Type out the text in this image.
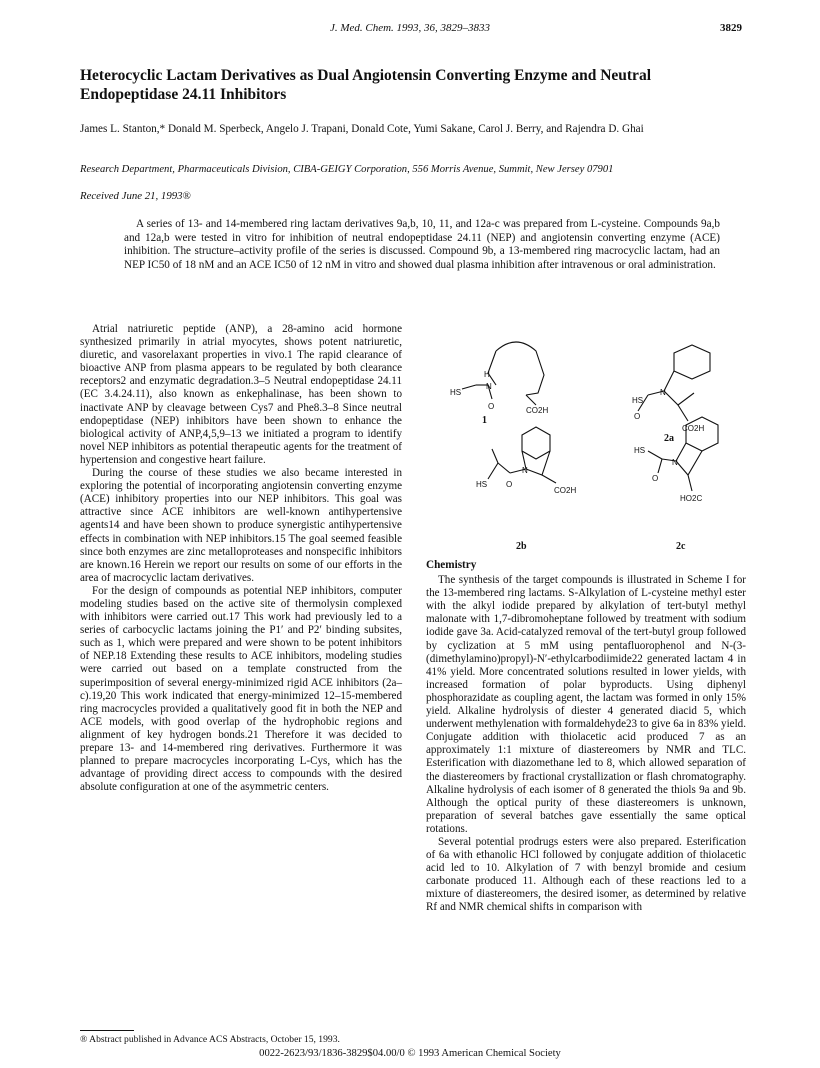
J. Med. Chem. 1993, 36, 3829–3833	3829
Heterocyclic Lactam Derivatives as Dual Angiotensin Converting Enzyme and Neutral Endopeptidase 24.11 Inhibitors
James L. Stanton,* Donald M. Sperbeck, Angelo J. Trapani, Donald Cote, Yumi Sakane, Carol J. Berry, and Rajendra D. Ghai
Research Department, Pharmaceuticals Division, CIBA-GEIGY Corporation, 556 Morris Avenue, Summit, New Jersey 07901
Received June 21, 1993®
A series of 13- and 14-membered ring lactam derivatives 9a,b, 10, 11, and 12a-c was prepared from L-cysteine. Compounds 9a,b and 12a,b were tested in vitro for inhibition of neutral endopeptidase 24.11 (NEP) and angiotensin converting enzyme (ACE) inhibition. The structure–activity profile of the series is discussed. Compound 9b, a 13-membered ring macrocyclic lactam, had an NEP IC50 of 18 nM and an ACE IC50 of 12 nM in vitro and showed dual plasma inhibition after intravenous or oral administration.

Atrial natriuretic peptide (ANP), a 28-amino acid hormone synthesized primarily in atrial myocytes, shows potent natriuretic, diuretic, and vasorelaxant properties in vivo.1 The rapid clearance of bioactive ANP from plasma appears to be regulated by both clearance receptors2 and enzymatic degradation.3–5 Neutral endopeptidase 24.11 (EC 3.4.24.11), also known as enkephalinase, has been shown to inactivate ANP by cleavage between Cys7 and Phe8.3–8 Since neutral endopeptidase (NEP) inhibitors have been shown to enhance the biological activity of ANP,4,5,9–13 we initiated a program to identify novel NEP inhibitors as potential therapeutic agents for the treatment of hypertension and congestive heart failure.

During the course of these studies we also became interested in exploring the potential of incorporating angiotensin converting enzyme (ACE) inhibitory properties into our NEP inhibitors. This goal was attractive since ACE inhibitors are well-known antihypertensive agents14 and have been shown to produce synergistic antihypertensive effects in combination with NEP inhibitors.15 The goal seemed feasible since both enzymes are zinc metalloproteases and nonspecific inhibitors are known.16 Herein we report our results on some of our efforts in the area of macrocyclic lactam derivatives.

For the design of compounds as potential NEP inhibitors, computer modeling studies based on the active site of thermolysin complexed with inhibitors were carried out.17 This work had previously led to a series of carbocyclic lactams joining the P1′ and P2′ binding subsites, such as 1, which were prepared and were shown to be potent inhibitors of NEP.18 Extending these results to ACE inhibitors, modeling studies were carried out based on a template constructed from the superimposition of several energy-minimized rigid ACE inhibitors (2a–c).19,20 This work indicated that energy-minimized 12–15-membered ring macrocycles provided a qualitatively good fit in both the NEP and ACE models, with good overlap of the hydrophobic regions and alignment of key hydrogen bonds.21 Therefore it was decided to prepare 13- and 14-membered ring derivatives. Furthermore it was planned to prepare macrocycles incorporating L-Cys, which has the advantage of providing direct access to compounds with the desired absolute configuration at one of the asymmetric centers.

HS
H
N
O	CO2H
HS
N
O
CO2H
HS
N
O
CO2H
HS
N
O
HO2C
1
2a
2b	2c
Chemistry

The synthesis of the target compounds is illustrated in Scheme I for the 13-membered ring lactams. S-Alkylation of L-cysteine methyl ester with the alkyl iodide prepared by alkylation of tert-butyl methyl malonate with 1,7-dibromoheptane followed by treatment with sodium iodide gave 3a. Acid-catalyzed removal of the tert-butyl group followed by cyclization at 5 mM using pentafluorophenol and N-(3-(dimethylamino)propyl)-N′-ethylcarbodiimide22 generated lactam 4 in 41% yield. More concentrated solutions resulted in lower yields, with increased formation of polar byproducts. Using diphenyl phosphorazidate as coupling agent, the lactam was formed in only 15% yield. Alkaline hydrolysis of diester 4 generated diacid 5, which underwent methylenation with formaldehyde23 to give 6a in 83% yield. Conjugate addition with thiolacetic acid produced 7 as an approximately 1:1 mixture of diastereomers by NMR and TLC. Esterification with diazomethane led to 8, which allowed separation of the diastereomers by fractional crystallization or flash chromatography. Alkaline hydrolysis of each isomer of 8 generated the thiols 9a and 9b. Although the optical purity of these diastereomers is unknown, preparation of several batches gave essentially the same optical rotations.

Several potential prodrugs esters were also prepared. Esterification of 6a with ethanolic HCl followed by conjugate addition of thiolacetic acid led to 10. Alkylation of 7 with benzyl bromide and cesium carbonate produced 11. Although each of these reactions led to a mixture of diastereomers, the desired isomer, as determined by relative Rf and NMR chemical shifts in comparison with

® Abstract published in Advance ACS Abstracts, October 15, 1993.
0022-2623/93/1836-3829$04.00/0 © 1993 American Chemical Society
